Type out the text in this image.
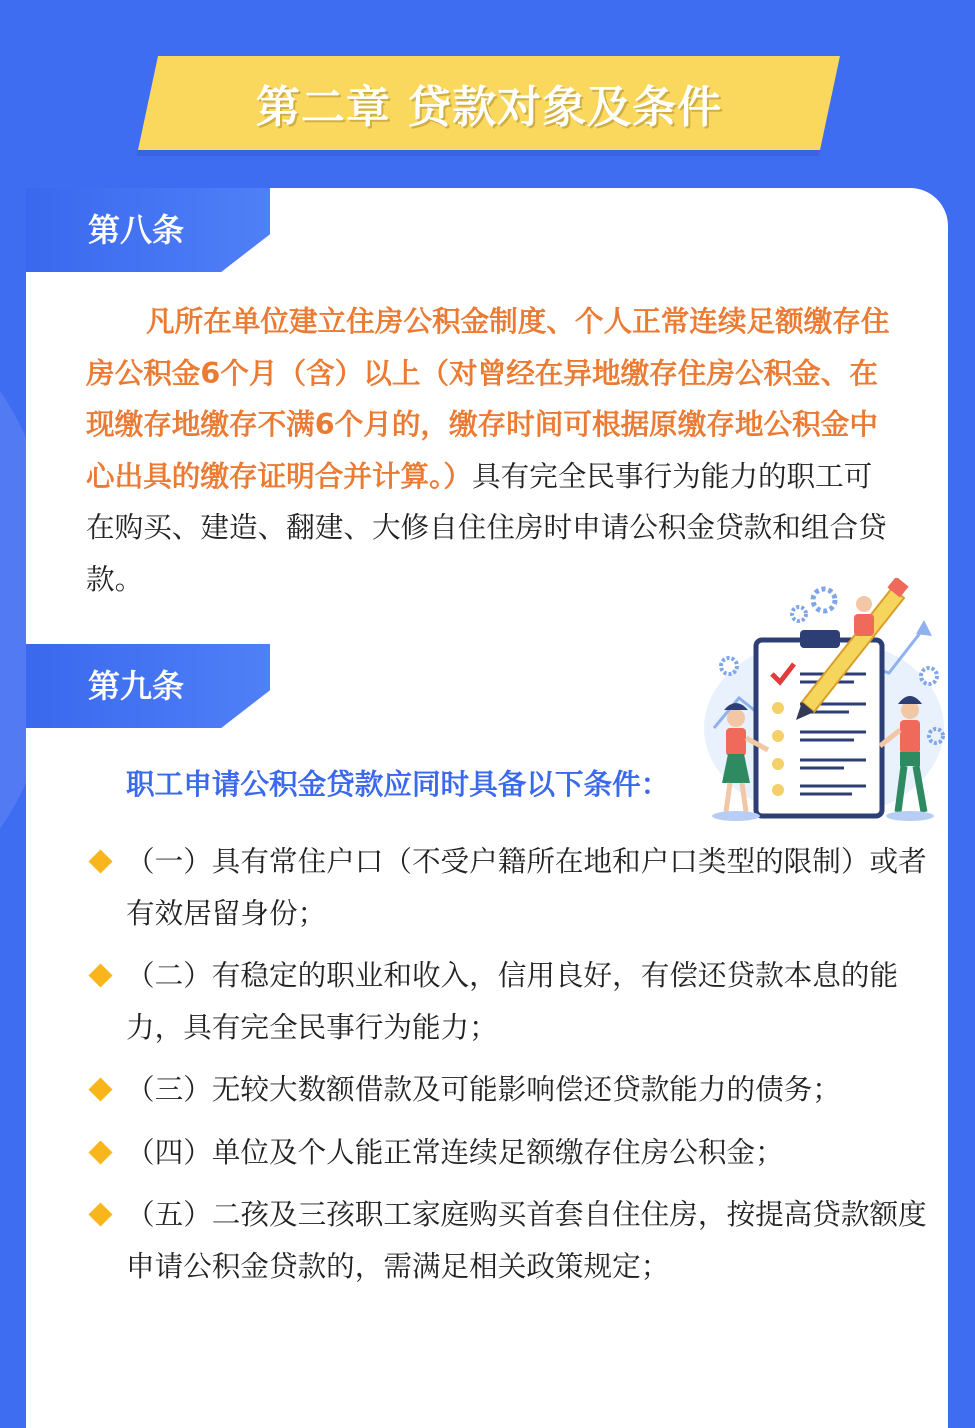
第二章 贷款对象及条件
第八条

凡所在单位建立住房公积金制度、个人正常连续足额缴存住房公积金6个月（含）以上（对曾经在异地缴存住房公积金、在现缴存地缴存不满6个月的，缴存时间可根据原缴存地公积金中心出具的缴存证明合并计算。）具有完全民事行为能力的职工可在购买、建造、翻建、大修自住住房时申请公积金贷款和组合贷款。

第九条

职工申请公积金贷款应同时具备以下条件：

（一）具有常住户口（不受户籍所在地和户口类型的限制）或者有效居留身份；
（二）有稳定的职业和收入，信用良好，有偿还贷款本息的能力，具有完全民事行为能力；
（三）无较大数额借款及可能影响偿还贷款能力的债务；
（四）单位及个人能正常连续足额缴存住房公积金；
（五）二孩及三孩职工家庭购买首套自住住房，按提高贷款额度申请公积金贷款的，需满足相关政策规定；
